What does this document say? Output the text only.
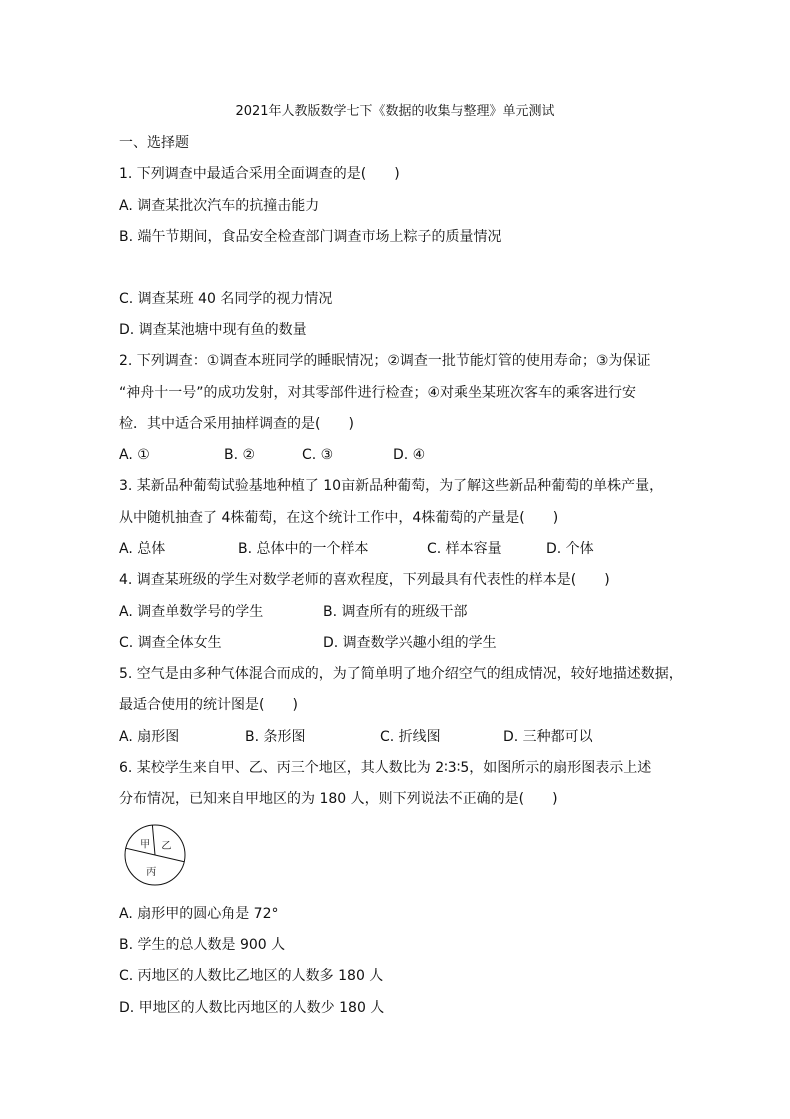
2021年人教版数学七下《数据的收集与整理》单元测试
一、选择题
1. 下列调查中最适合采用全面调查的是(　　)
A. 调查某批次汽车的抗撞击能力
B. 端午节期间，食品安全检查部门调查市场上粽子的质量情况
C. 调查某班 40 名同学的视力情况
D. 调查某池塘中现有鱼的数量
2. 下列调查：①调查本班同学的睡眠情况；②调查一批节能灯管的使用寿命；③为保证
“神舟十一号”的成功发射，对其零部件进行检查；④对乘坐某班次客车的乘客进行安
检．其中适合采用抽样调查的是(　　)
A. ①	B. ②	C. ③	D. ④
3. 某新品种葡萄试验基地种植了 10亩新品种葡萄，为了解这些新品种葡萄的单株产量，
从中随机抽查了 4株葡萄，在这个统计工作中，4株葡萄的产量是(　　)
A. 总体	B. 总体中的一个样本	C. 样本容量	D. 个体
4. 调查某班级的学生对数学老师的喜欢程度，下列最具有代表性的样本是(　　)
A. 调查单数学号的学生	B. 调查所有的班级干部
C. 调查全体女生	D. 调查数学兴趣小组的学生
5. 空气是由多种气体混合而成的，为了简单明了地介绍空气的组成情况，较好地描述数据，
最适合使用的统计图是(　　)
A. 扇形图	B. 条形图	C. 折线图	D. 三种都可以
6. 某校学生来自甲、乙、丙三个地区，其人数比为 2∶3∶5，如图所示的扇形图表示上述
分布情况，已知来自甲地区的为 180 人，则下列说法不正确的是(　　)
甲 乙
丙
A. 扇形甲的圆心角是 72°
B. 学生的总人数是 900 人
C. 丙地区的人数比乙地区的人数多 180 人
D. 甲地区的人数比丙地区的人数少 180 人
